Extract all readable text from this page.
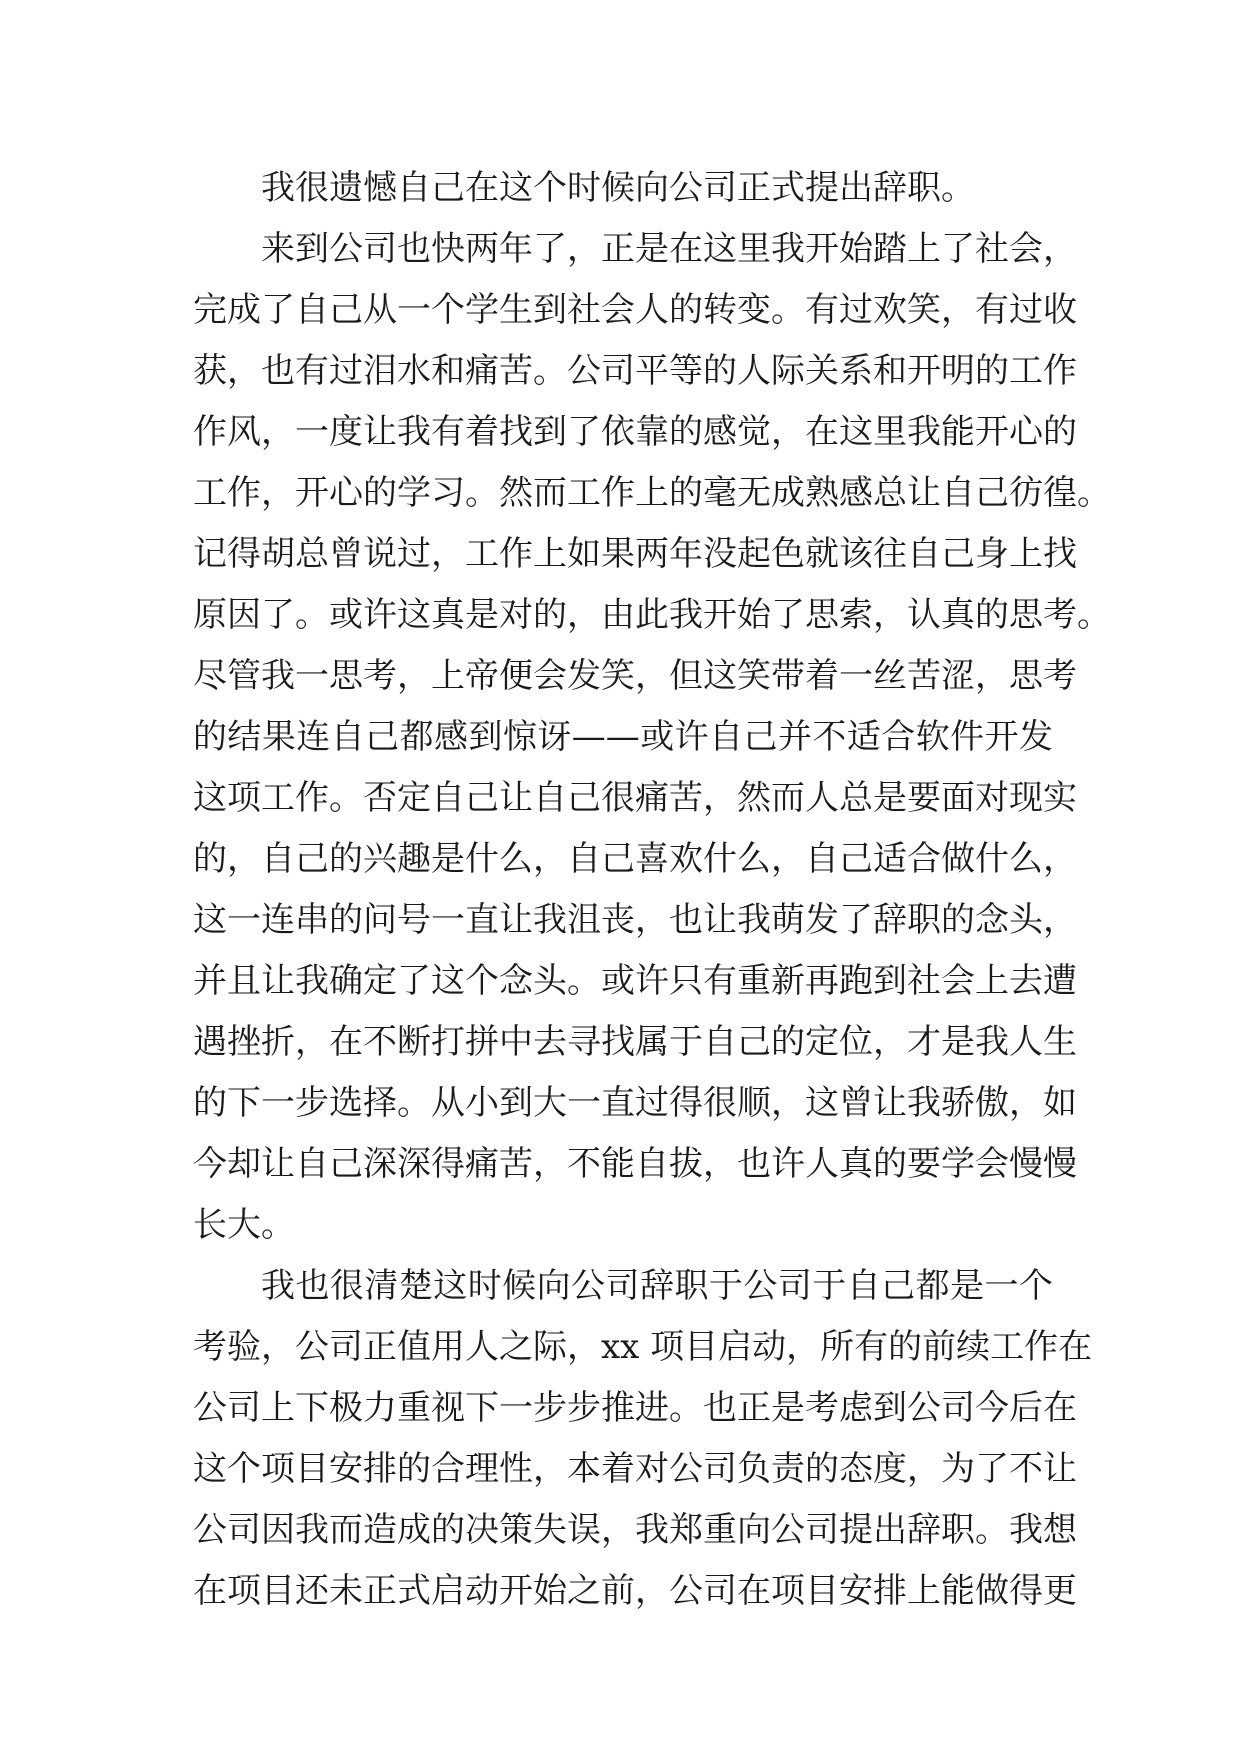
我很遗憾自己在这个时候向公司正式提出辞职。
来到公司也快两年了，正是在这里我开始踏上了社会，
完成了自己从一个学生到社会人的转变。有过欢笑，有过收
获，也有过泪水和痛苦。公司平等的人际关系和开明的工作
作风，一度让我有着找到了依靠的感觉，在这里我能开心的
工作，开心的学习。然而工作上的毫无成熟感总让自己彷徨。
记得胡总曾说过，工作上如果两年没起色就该往自己身上找
原因了。或许这真是对的，由此我开始了思索，认真的思考。
尽管我一思考，上帝便会发笑，但这笑带着一丝苦涩，思考
的结果连自己都感到惊讶——或许自己并不适合软件开发
这项工作。否定自己让自己很痛苦，然而人总是要面对现实
的，自己的兴趣是什么，自己喜欢什么，自己适合做什么，
这一连串的问号一直让我沮丧，也让我萌发了辞职的念头，
并且让我确定了这个念头。或许只有重新再跑到社会上去遭
遇挫折，在不断打拼中去寻找属于自己的定位，才是我人生
的下一步选择。从小到大一直过得很顺，这曾让我骄傲，如
今却让自己深深得痛苦，不能自拔，也许人真的要学会慢慢
长大。
我也很清楚这时候向公司辞职于公司于自己都是一个
考验，公司正值用人之际，xx 项目启动，所有的前续工作在
公司上下极力重视下一步步推进。也正是考虑到公司今后在
这个项目安排的合理性，本着对公司负责的态度，为了不让
公司因我而造成的决策失误，我郑重向公司提出辞职。我想
在项目还未正式启动开始之前，公司在项目安排上能做得更
